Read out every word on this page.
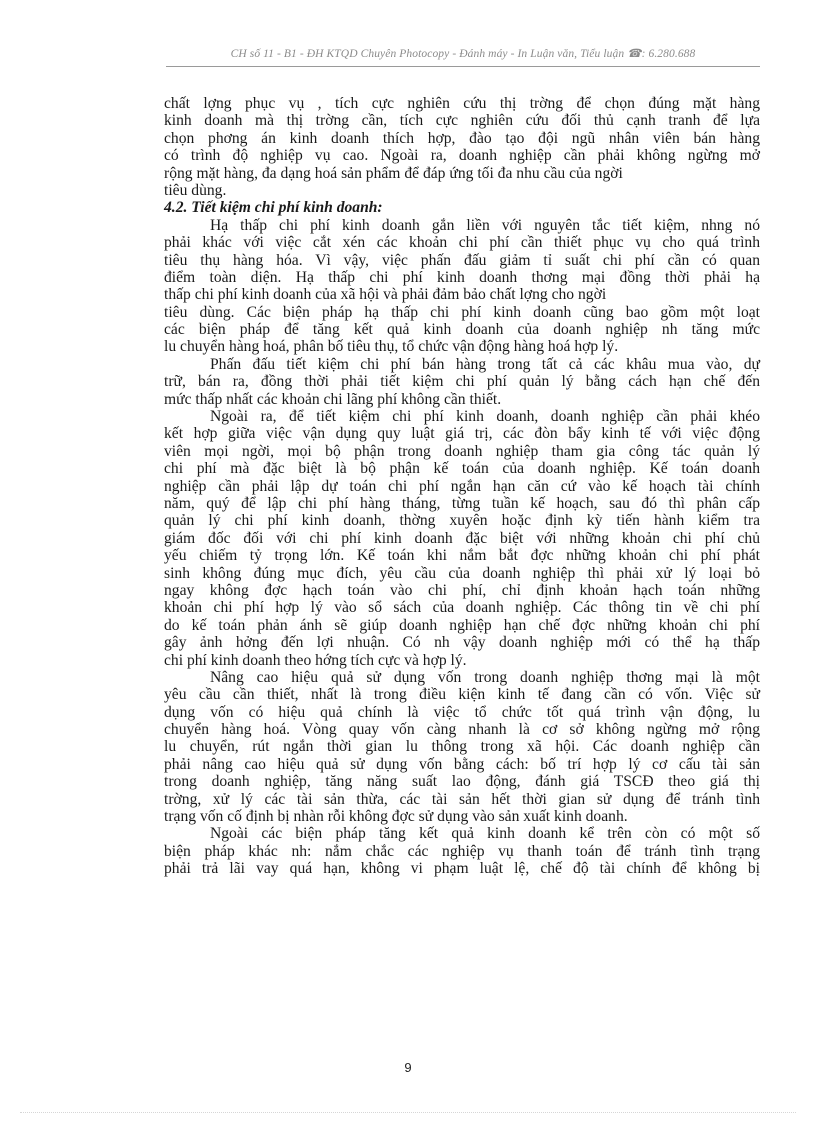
CH số 11 - B1 - ĐH KTQD Chuyên Photocopy - Đánh máy - In Luận văn, Tiểu luận ☎: 6.280.688
chất lợng phục vụ , tích cực nghiên cứu thị trờng để chọn đúng mặt hàng
kinh doanh mà thị trờng cần, tích cực nghiên cứu đối thủ cạnh tranh để lựa
chọn phơng án kinh doanh thích hợp, đào tạo đội ngũ nhân viên bán hàng
có trình độ nghiệp vụ cao. Ngoài ra, doanh nghiệp cần phải không ngừng mở
rộng mặt hàng, đa dạng hoá sản phẩm để đáp ứng tối đa nhu cầu của ngời
tiêu dùng.
4.2. Tiết kiệm chi phí kinh doanh:
Hạ thấp chi phí kinh doanh gắn liền với nguyên tắc tiết kiệm, nhng nó
phải khác với việc cắt xén các khoản chi phí cần thiết phục vụ cho quá trình
tiêu thụ hàng hóa. Vì vậy, việc phấn đấu giảm tỉ suất chi phí cần có quan
điểm toàn diện. Hạ thấp chi phí kinh doanh thơng mại đồng thời phải hạ
thấp chi phí kinh doanh của xã hội và phải đảm bảo chất lợng cho ngời
tiêu dùng. Các biện pháp hạ thấp chi phí kinh doanh cũng bao gồm một loạt
các biện pháp để tăng kết quả kinh doanh của doanh nghiệp nh tăng mức
lu chuyển hàng hoá, phân bố tiêu thụ, tổ chức vận động hàng hoá hợp lý.
Phấn đấu tiết kiệm chi phí bán hàng trong tất cả các khâu mua vào, dự
trữ, bán ra, đồng thời phải tiết kiệm chi phí quản lý bằng cách hạn chế đến
mức thấp nhất các khoản chi lãng phí không cần thiết.
Ngoài ra, để tiết kiệm chi phí kinh doanh, doanh nghiệp cần phải khéo
kết hợp giữa việc vận dụng quy luật giá trị, các đòn bẩy kinh tế với việc động
viên mọi ngời, mọi bộ phận trong doanh nghiệp tham gia công tác quản lý
chi phí mà đặc biệt là bộ phận kế toán của doanh nghiệp. Kế toán doanh
nghiệp cần phải lập dự toán chi phí ngắn hạn căn cứ vào kế hoạch tài chính
năm, quý để lập chi phí hàng tháng, từng tuần kế hoạch, sau đó thì phân cấp
quản lý chi phí kinh doanh, thờng xuyên hoặc định kỳ tiến hành kiểm tra
giám đốc đối với chi phí kinh doanh đặc biệt với những khoản chi phí chủ
yếu chiếm tỷ trọng lớn. Kế toán khi nắm bắt đợc những khoản chi phí phát
sinh không đúng mục đích, yêu cầu của doanh nghiệp thì phải xử lý loại bỏ
ngay không đợc hạch toán vào chi phí, chỉ định khoản hạch toán những
khoản chi phí hợp lý vào sổ sách của doanh nghiệp. Các thông tin về chi phí
do kế toán phản ánh sẽ giúp doanh nghiệp hạn chế đợc những khoản chi phí
gây ảnh hởng đến lợi nhuận. Có nh vậy doanh nghiệp mới có thể hạ thấp
chi phí kinh doanh theo hớng tích cực và hợp lý.
Nâng cao hiệu quả sử dụng vốn trong doanh nghiệp thơng mại là một
yêu cầu cần thiết, nhất là trong điều kiện kinh tế đang cần có vốn. Việc sử
dụng vốn có hiệu quả chính là việc tổ chức tốt quá trình vận động, lu
chuyển hàng hoá. Vòng quay vốn càng nhanh là cơ sở không ngừng mở rộng
lu chuyển, rút ngắn thời gian lu thông trong xã hội. Các doanh nghiệp cần
phải nâng cao hiệu quả sử dụng vốn bằng cách: bố trí hợp lý cơ cấu tài sản
trong doanh nghiệp, tăng năng suất lao động, đánh giá TSCĐ theo giá thị
trờng, xử lý các tài sản thừa, các tài sản hết thời gian sử dụng để tránh tình
trạng vốn cố định bị nhàn rỗi không đợc sử dụng vào sản xuất kinh doanh.
Ngoài các biện pháp tăng kết quả kinh doanh kể trên còn có một số
biện pháp khác nh: nắm chắc các nghiệp vụ thanh toán để tránh tình trạng
phải trả lãi vay quá hạn, không vi phạm luật lệ, chế độ tài chính để không bị
9
